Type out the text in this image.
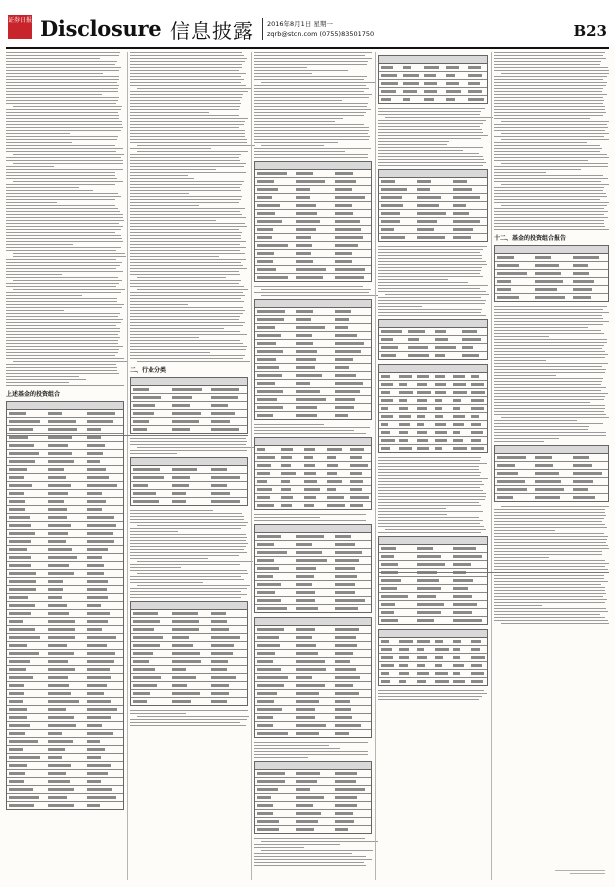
证券日报 Disclosure 信息披露 2016年8月1日 星期一
zqrb@stcn.com (0755)83501750	B23
上述基金的投资组合
二、行业分类
十二、基金的投资组合报告
